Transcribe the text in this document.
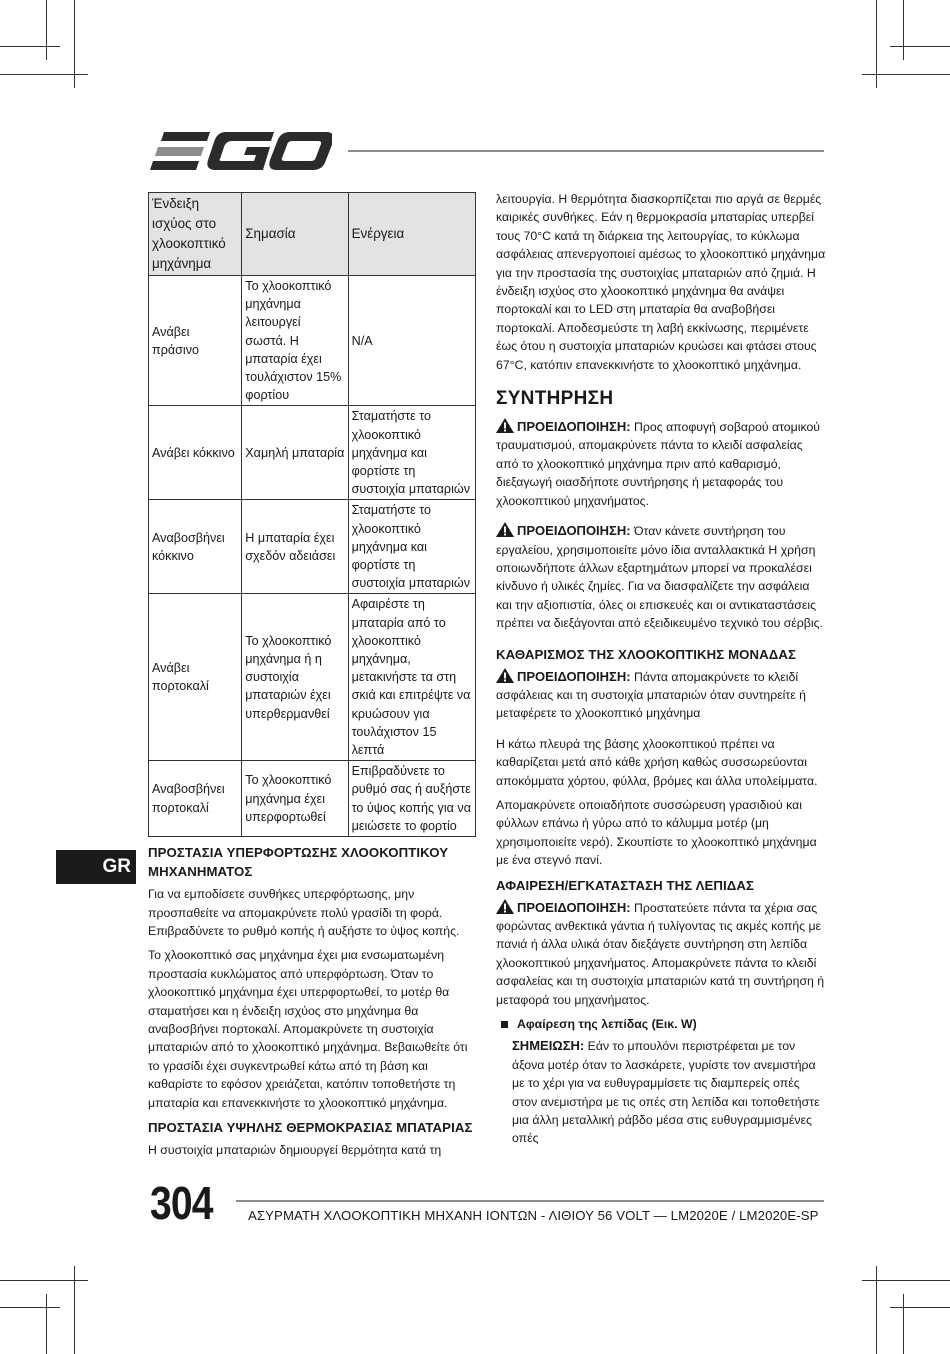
Ένδειξη ισχύος στο χλοοκοπτικό μηχάνημα	Σημασία	Ενέργεια
Ανάβει πράσινο	Το χλοοκοπτικό μηχάνημα λειτουργεί σωστά. Η μπαταρία έχει τουλάχιστον 15% φορτίου	N/A
Ανάβει κόκκινο	Χαμηλή μπαταρία	Σταματήστε το χλοοκοπτικό μηχάνημα και φορτίστε τη συστοιχία μπαταριών
Αναβοσβήνει κόκκινο	Η μπαταρία έχει σχεδόν αδειάσει	Σταματήστε το χλοοκοπτικό μηχάνημα και φορτίστε τη συστοιχία μπαταριών
Ανάβει πορτοκαλί	Το χλοοκοπτικό μηχάνημα ή η συστοιχία μπαταριών έχει υπερθερμανθεί	Αφαιρέστε τη μπαταρία από το χλοοκοπτικό μηχάνημα, μετακινήστε τα στη σκιά και επιτρέψτε να κρυώσουν για τουλάχιστον 15 λεπτά
Αναβοσβήνει πορτοκαλί	Το χλοοκοπτικό μηχάνημα έχει υπερφορτωθεί	Επιβραδύνετε το ρυθμό σας ή αυξήστε το ύψος κοπής για να μειώσετε το φορτίο
ΠΡΟΣΤΑΣΙΑ ΥΠΕΡΦΟΡΤΩΣΗΣ ΧΛΟΟΚΟΠΤΙΚΟΥ ΜΗΧΑΝΗΜΑΤΟΣ

Για να εμποδίσετε συνθήκες υπερφόρτωσης, μην προσπαθείτε να απομακρύνετε πολύ γρασίδι τη φορά. Επιβραδύνετε το ρυθμό κοπής ή αυξήστε το ύψος κοπής.

Το χλοοκοπτικό σας μηχάνημα έχει μια ενσωματωμένη προστασία κυκλώματος από υπερφόρτωση. Όταν το χλοοκοπτικό μηχάνημα έχει υπερφορτωθεί, το μοτέρ θα σταματήσει και η ένδειξη ισχύος στο μηχάνημα θα αναβοσβήνει πορτοκαλί. Απομακρύνετε τη συστοιχία μπαταριών από το χλοοκοπτικό μηχάνημα. Βεβαιωθείτε ότι το γρασίδι έχει συγκεντρωθεί κάτω από τη βάση και καθαρίστε το εφόσον χρειάζεται, κατόπιν τοποθετήστε τη μπαταρία και επανεκκινήστε το χλοοκοπτικό μηχάνημα.

ΠΡΟΣΤΑΣΙΑ ΥΨΗΛΗΣ ΘΕΡΜΟΚΡΑΣΙΑΣ ΜΠΑΤΑΡΙΑΣ

Η συστοιχία μπαταριών δημιουργεί θερμότητα κατά τη

λειτουργία. Η θερμότητα διασκορπίζεται πιο αργά σε θερμές καιρικές συνθήκες. Εάν η θερμοκρασία μπαταρίας υπερβεί τους 70°C κατά τη διάρκεια της λειτουργίας, το κύκλωμα ασφάλειας απενεργοποιεί αμέσως το χλοοκοπτικό μηχάνημα για την προστασία της συστοιχίας μπαταριών από ζημιά. Η ένδειξη ισχύος στο χλοοκοπτικό μηχάνημα θα ανάψει πορτοκαλί και το LED στη μπαταρία θα αναβοβήσει πορτοκαλί. Αποδεσμεύστε τη λαβή εκκίνωσης, περιμένετε έως ότου η συστοιχία μπαταριών κρυώσει και φτάσει στους 67°C, κατόπιν επανεκκινήστε το χλοοκοπτικό μηχάνημα.

ΣΥΝΤΗΡΗΣΗ
ΠΡΟΕΙΔΟΠΟΙΗΣΗ: Προς αποφυγή σοβαρού ατομικού τραυματισμού, απομακρύνετε πάντα το κλειδί ασφαλείας από το χλοοκοπτικό μηχάνημα πριν από καθαρισμό, διεξαγωγή οιασδήποτε συντήρησης ή μεταφοράς του χλοοκοπτικού μηχανήματος.
ΠΡΟΕΙΔΟΠΟΙΗΣΗ: Όταν κάνετε συντήρηση του εργαλείου, χρησιμοποιείτε μόνο ίδια ανταλλακτικά Η χρήση οποιωνδήποτε άλλων εξαρτημάτων μπορεί να προκαλέσει κίνδυνο ή υλικές ζημίες. Για να διασφαλίζετε την ασφάλεια και την αξιοπιστία, όλες οι επισκευές και οι αντικαταστάσεις πρέπει να διεξάγονται από εξειδικευμένο τεχνικό του σέρβις.
ΚΑΘΑΡΙΣΜΟΣ ΤΗΣ ΧΛΟΟΚΟΠΤΙΚΗΣ ΜΟΝΑΔΑΣ
ΠΡΟΕΙΔΟΠΟΙΗΣΗ: Πάντα απομακρύνετε το κλειδί ασφάλειας και τη συστοιχία μπαταριών όταν συντηρείτε ή μεταφέρετε το χλοοκοπτικό μηχάνημα

Η κάτω πλευρά της βάσης χλοοκοπτικού πρέπει να καθαρίζεται μετά από κάθε χρήση καθώς συσσωρεύονται αποκόμματα χόρτου, φύλλα, βρόμες και άλλα υπολείμματα.

Απομακρύνετε οποιαδήποτε συσσώρευση γρασιδιού και φύλλων επάνω ή γύρω από το κάλυμμα μοτέρ (μη χρησιμοποιείτε νερό). Σκουπίστε το χλοοκοπτικό μηχάνημα με ένα στεγνό πανί.

ΑΦΑΙΡΕΣΗ/ΕΓΚΑΤΑΣΤΑΣΗ ΤΗΣ ΛΕΠΙΔΑΣ
ΠΡΟΕΙΔΟΠΟΙΗΣΗ: Προστατεύετε πάντα τα χέρια σας φορώντας ανθεκτικά γάντια ή τυλίγοντας τις ακμές κοπής με πανιά ή άλλα υλικά όταν διεξάγετε συντήρηση στη λεπίδα χλοοκοπτικού μηχανήματος. Απομακρύνετε πάντα το κλειδί ασφαλείας και τη συστοιχία μπαταριών κατά τη συντήρηση ή μεταφορά του μηχανήματος.
Αφαίρεση της λεπίδας (Εικ. W)
ΣΗΜΕΙΩΣΗ: Εάν το μπουλόνι περιστρέφεται με τον άξονα μοτέρ όταν το λασκάρετε, γυρίστε τον ανεμιστήρα με το χέρι για να ευθυγραμμίσετε τις διαμπερείς οπές στον ανεμιστήρα με τις οπές στη λεπίδα και τοποθετήστε μια άλλη μεταλλική ράβδο μέσα στις ευθυγραμμισμένες οπές
GR
304	ΑΣΥΡΜΑΤΗ ΧΛΟΟΚΟΠΤΙΚΗ ΜΗΧΑΝΗ ΙΟΝΤΩΝ - ΛΙΘΙΟΥ 56 VOLT — LM2020E / LM2020E-SP
